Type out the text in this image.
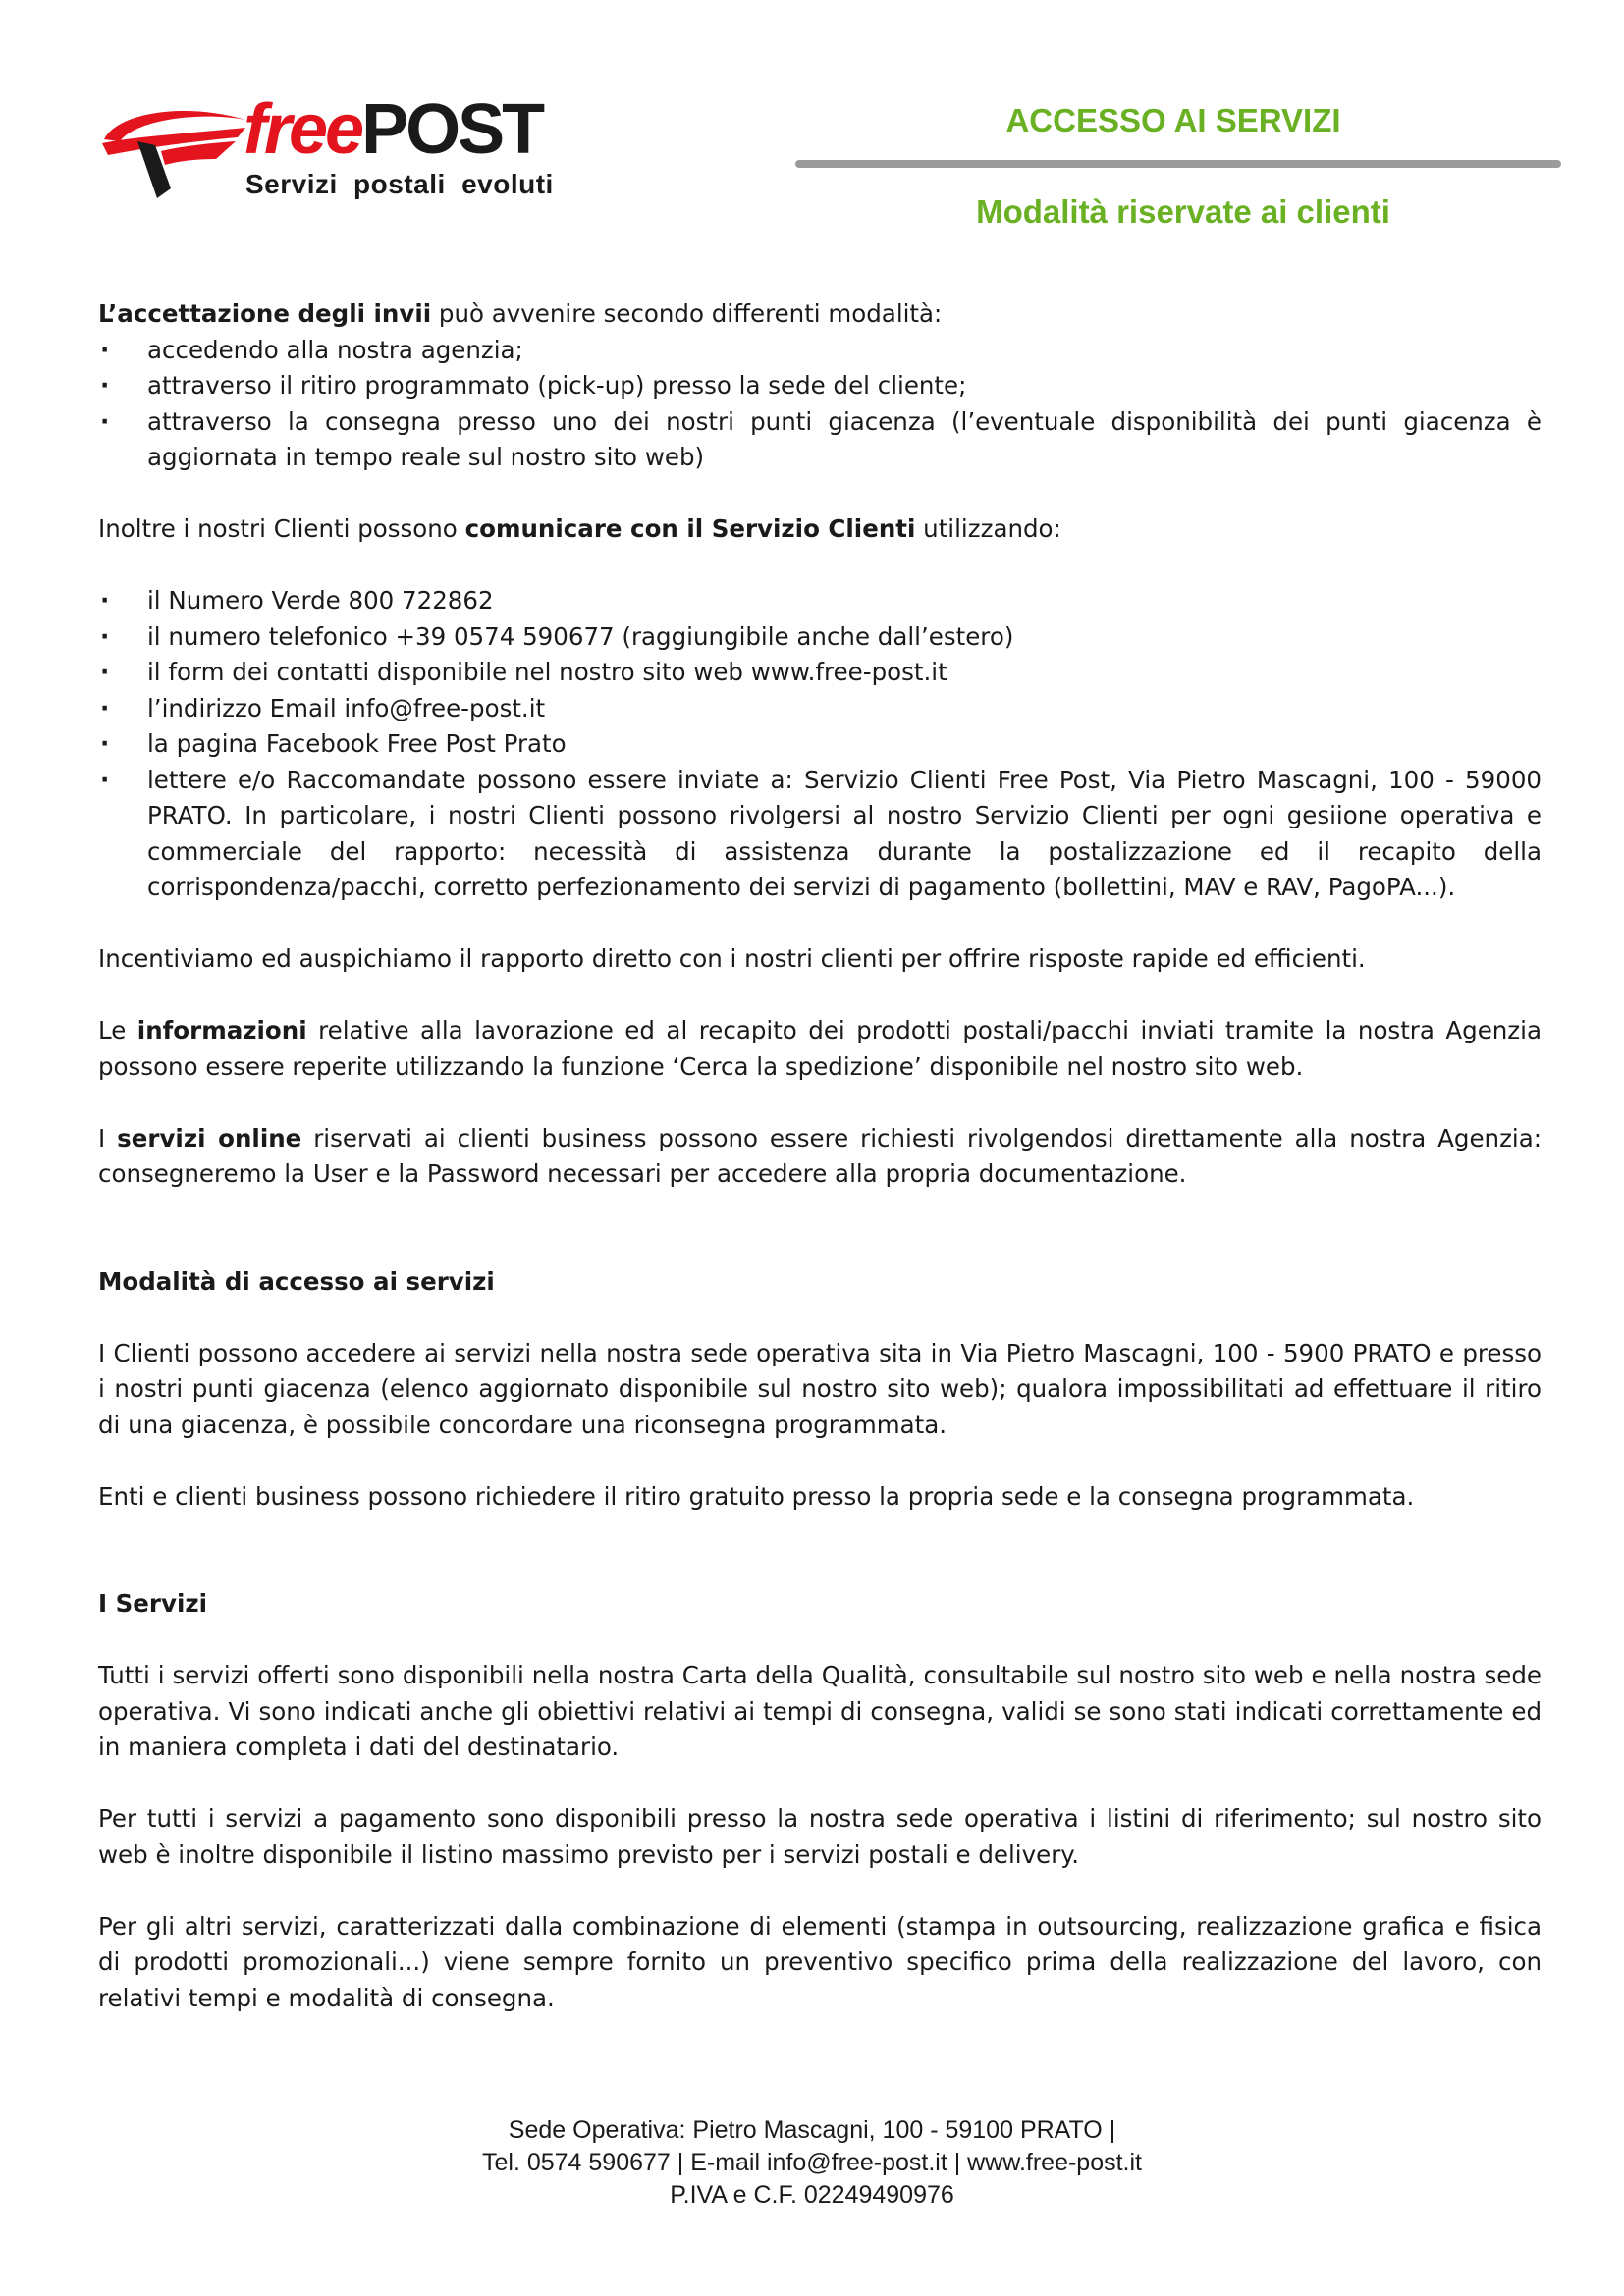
freePOST
Servizi postali evoluti
ACCESSO AI SERVIZI
Modalità riservate ai clienti

L’accettazione degli invii può avvenire secondo differenti modalità:

· accedendo alla nostra agenzia;
· attraverso il ritiro programmato (pick-up) presso la sede del cliente;
· attraverso la consegna presso uno dei nostri punti giacenza (l’eventuale disponibilità dei punti giacenza è aggiornata in tempo reale sul nostro sito web)

Inoltre i nostri Clienti possono comunicare con il Servizio Clienti utilizzando:

· il Numero Verde 800 722862
· il numero telefonico +39 0574 590677 (raggiungibile anche dall’estero)
· il form dei contatti disponibile nel nostro sito web www.free-post.it
· l’indirizzo Email info@free-post.it
· la pagina Facebook Free Post Prato
· lettere e/o Raccomandate possono essere inviate a: Servizio Clienti Free Post, Via Pietro Mascagni, 100 - 59000 PRATO. In particolare, i nostri Clienti possono rivolgersi al nostro Servizio Clienti per ogni gesiione operativa e commerciale del rapporto: necessità di assistenza durante la postalizzazione ed il recapito della corrispondenza/pacchi, corretto perfezionamento dei servizi di pagamento (bollettini, MAV e RAV, PagoPA...).

Incentiviamo ed auspichiamo il rapporto diretto con i nostri clienti per offrire risposte rapide ed efficienti.

Le informazioni relative alla lavorazione ed al recapito dei prodotti postali/pacchi inviati tramite la nostra Agenzia possono essere reperite utilizzando la funzione ‘Cerca la spedizione’ disponibile nel nostro sito web.

I servizi online riservati ai clienti business possono essere richiesti rivolgendosi direttamente alla nostra Agenzia: consegneremo la User e la Password necessari per accedere alla propria documentazione.

Modalità di accesso ai servizi

I Clienti possono accedere ai servizi nella nostra sede operativa sita in Via Pietro Mascagni, 100 - 5900 PRATO e presso i nostri punti giacenza (elenco aggiornato disponibile sul nostro sito web); qualora impossibilitati ad effettuare il ritiro di una giacenza, è possibile concordare una riconsegna programmata.

Enti e clienti business possono richiedere il ritiro gratuito presso la propria sede e la consegna programmata.

I Servizi

Tutti i servizi offerti sono disponibili nella nostra Carta della Qualità, consultabile sul nostro sito web e nella nostra sede operativa. Vi sono indicati anche gli obiettivi relativi ai tempi di consegna, validi se sono stati indicati correttamente ed in maniera completa i dati del destinatario.

Per tutti i servizi a pagamento sono disponibili presso la nostra sede operativa i listini di riferimento; sul nostro sito web è inoltre disponibile il listino massimo previsto per i servizi postali e delivery.

Per gli altri servizi, caratterizzati dalla combinazione di elementi (stampa in outsourcing, realizzazione grafica e fisica di prodotti promozionali...) viene sempre fornito un preventivo specifico prima della realizzazione del lavoro, con relativi tempi e modalità di consegna.

Sede Operativa: Pietro Mascagni, 100 - 59100 PRATO |
Tel. 0574 590677 | E-mail info@free-post.it | www.free-post.it
P.IVA e C.F. 02249490976
